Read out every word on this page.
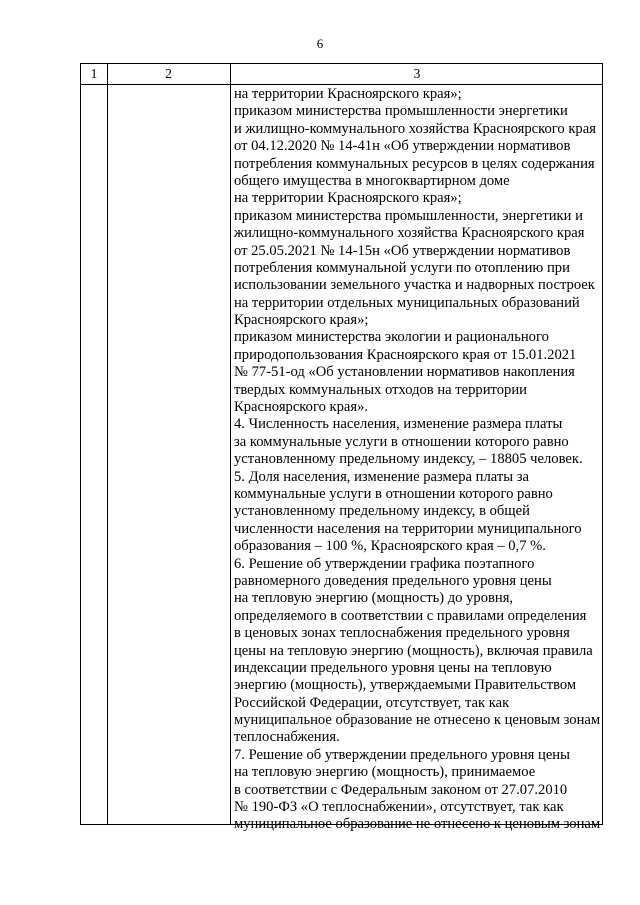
6
1	2	3
на территории Красноярского края»;
приказом министерства промышленности энергетики
и жилищно-коммунального хозяйства Красноярского края
от 04.12.2020 № 14-41н «Об утверждении нормативов
потребления коммунальных ресурсов в целях содержания
общего имущества в многоквартирном доме
на территории Красноярского края»;
приказом министерства промышленности, энергетики и
жилищно-коммунального хозяйства Красноярского края
от 25.05.2021 № 14-15н «Об утверждении нормативов
потребления коммунальной услуги по отоплению при
использовании земельного участка и надворных построек
на территории отдельных муниципальных образований
Красноярского края»;
приказом министерства экологии и рационального
природопользования Красноярского края от 15.01.2021
№ 77-51-од «Об установлении нормативов накопления
твердых коммунальных отходов на территории
Красноярского края».
4. Численность населения, изменение размера платы
за коммунальные услуги в отношении которого равно
установленному предельному индексу, – 18805 человек.
5. Доля населения, изменение размера платы за
коммунальные услуги в отношении которого равно
установленному предельному индексу, в общей
численности населения на территории муниципального
образования – 100 %, Красноярского края – 0,7 %.
6. Решение об утверждении графика поэтапного
равномерного доведения предельного уровня цены
на тепловую энергию (мощность) до уровня,
определяемого в соответствии с правилами определения
в ценовых зонах теплоснабжения предельного уровня
цены на тепловую энергию (мощность), включая правила
индексации предельного уровня цены на тепловую
энергию (мощность), утверждаемыми Правительством
Российской Федерации, отсутствует, так как
муниципальное образование не отнесено к ценовым зонам
теплоснабжения.
7. Решение об утверждении предельного уровня цены
на тепловую энергию (мощность), принимаемое
в соответствии с Федеральным законом от 27.07.2010
№ 190-ФЗ «О теплоснабжении», отсутствует, так как
муниципальное образование не отнесено к ценовым зонам
